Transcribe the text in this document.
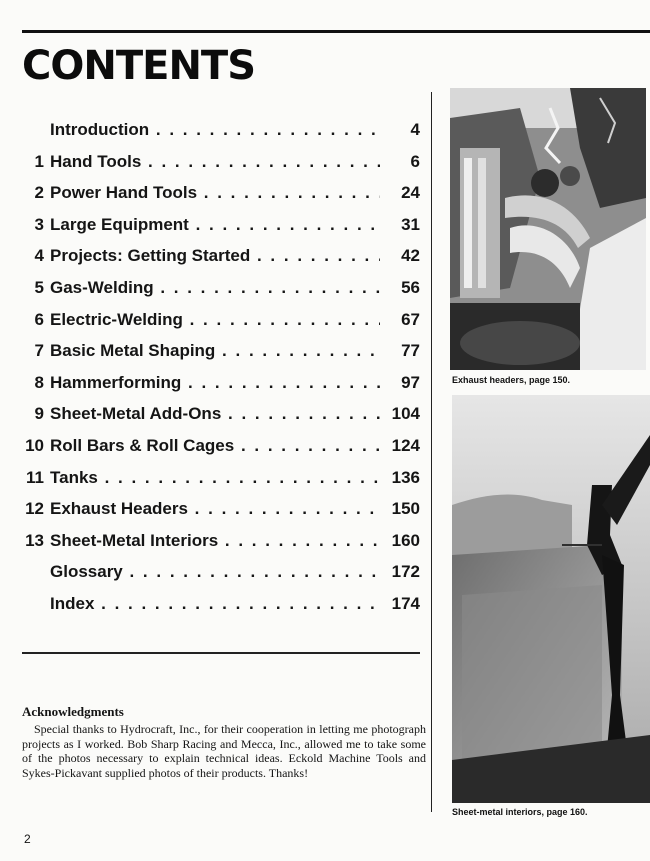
CONTENTS
Introduction . . .	4
1 Hand Tools . . .	6
2 Power Hand Tools . . .	24
3 Large Equipment . . .	31
4 Projects: Getting Started . . .	42
5 Gas-Welding . . .	56
6 Electric-Welding . . .	67
7 Basic Metal Shaping . . .	77
8 Hammerforming . . .	97
9 Sheet-Metal Add-Ons . . .	104
10 Roll Bars & Roll Cages . . .	124
11 Tanks . . .	136
12 Exhaust Headers . . .	150
13 Sheet-Metal Interiors . . .	160
Glossary . . .	172
Index . . .	174
Acknowledgments

Special thanks to Hydrocraft, Inc., for their cooperation in letting me photograph projects as I worked. Bob Sharp Racing and Mecca, Inc., allowed me to take some of the photos necessary to explain technical ideas. Eckold Machine Tools and Sykes-Pickavant supplied photos of their products. Thanks!

2

Exhaust headers, page 150.

Sheet-metal interiors, page 160.
